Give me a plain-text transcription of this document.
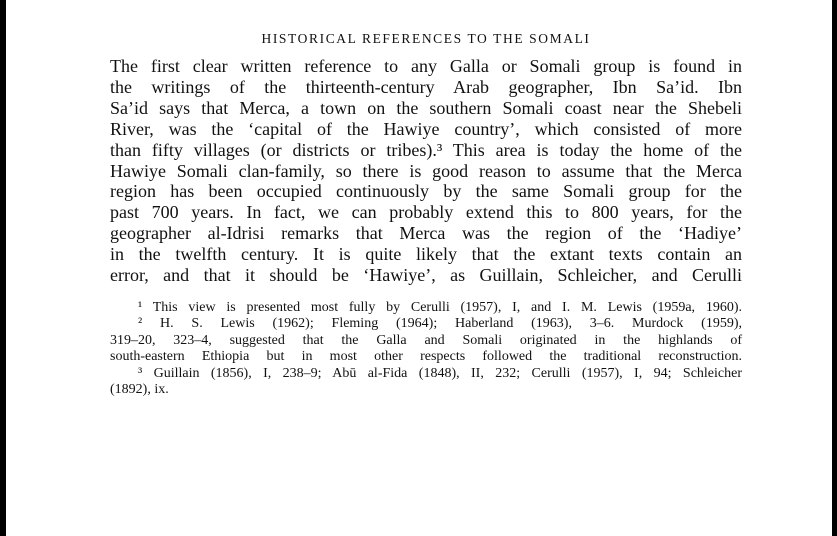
HISTORICAL REFERENCES TO THE SOMALI
The first clear written reference to any Galla or Somali group is found in
the writings of the thirteenth-century Arab geographer, Ibn Sa’id. Ibn
Sa’id says that Merca, a town on the southern Somali coast near the Shebeli
River, was the ‘capital of the Hawiye country’, which consisted of more
than fifty villages (or districts or tribes).³ This area is today the home of the
Hawiye Somali clan-family, so there is good reason to assume that the Merca
region has been occupied continuously by the same Somali group for the
past 700 years. In fact, we can probably extend this to 800 years, for the
geographer al-Idrisi remarks that Merca was the region of the ‘Hadiye’
in the twelfth century. It is quite likely that the extant texts contain an
error, and that it should be ‘Hawiye’, as Guillain, Schleicher, and Cerulli
¹ This view is presented most fully by Cerulli (1957), I, and I. M. Lewis (1959a, 1960).
² H. S. Lewis (1962); Fleming (1964); Haberland (1963), 3–6. Murdock (1959),
319–20, 323–4, suggested that the Galla and Somali originated in the highlands of
south-eastern Ethiopia but in most other respects followed the traditional reconstruction.
³ Guillain (1856), I, 238–9; Abū al-Fida (1848), II, 232; Cerulli (1957), I, 94; Schleicher
(1892), ix.
